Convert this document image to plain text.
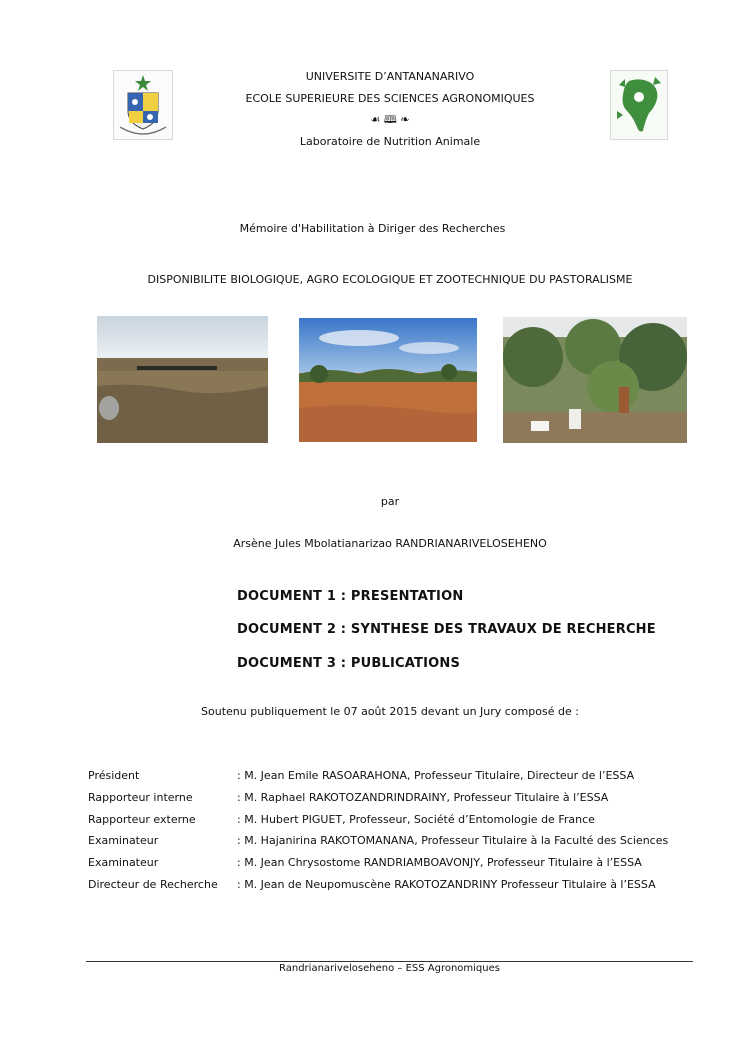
UNIVERSITE D’ANTANANARIVO
ECOLE SUPERIEURE DES SCIENCES AGRONOMIQUES
☙ 🕮 ❧
Laboratoire de Nutrition Animale
Mémoire d'Habilitation à Diriger des Recherches
DISPONIBILITE BIOLOGIQUE, AGRO ECOLOGIQUE ET ZOOTECHNIQUE DU PASTORALISME
par
Arsène Jules Mbolatianarizao RANDRIANARIVELOSEHENO
DOCUMENT 1 : PRESENTATION
DOCUMENT 2 : SYNTHESE DES TRAVAUX DE RECHERCHE
DOCUMENT 3 : PUBLICATIONS
Soutenu publiquement le 07 août 2015 devant un Jury composé de :
Président	: M. Jean Emile RASOARAHONA, Professeur Titulaire, Directeur de l’ESSA
Rapporteur interne	: M. Raphael RAKOTOZANDRINDRAINY, Professeur Titulaire à l’ESSA
Rapporteur externe	: M. Hubert PIGUET, Professeur, Société d’Entomologie de France
Examinateur	: M. Hajanirina RAKOTOMANANA, Professeur Titulaire à la Faculté des Sciences
Examinateur	: M. Jean Chrysostome RANDRIAMBOAVONJY, Professeur Titulaire à l’ESSA
Directeur de Recherche : M. Jean de Neupomuscène RAKOTOZANDRINY Professeur Titulaire à l’ESSA
Randrianariveloseheno – ESS Agronomiques
